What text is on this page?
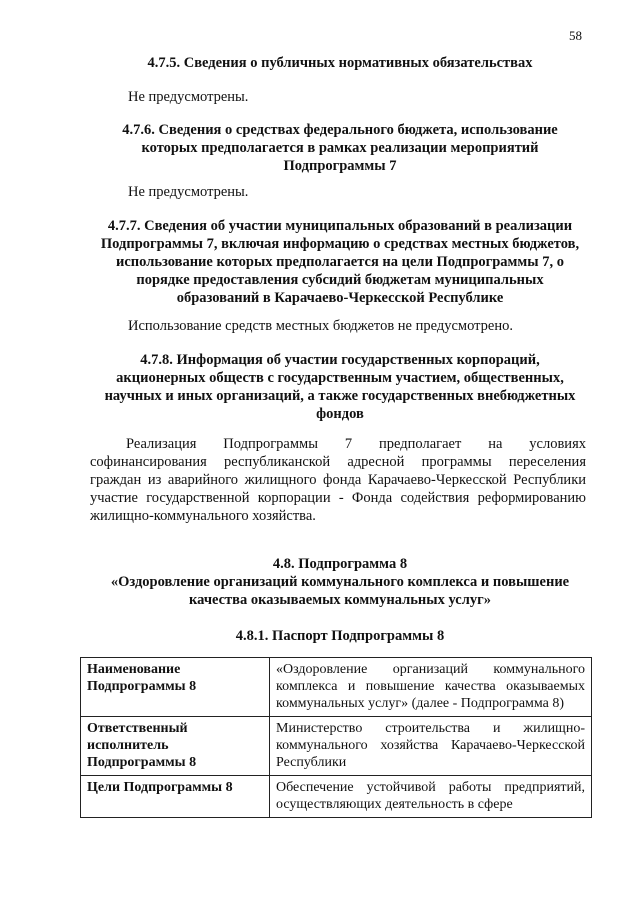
58
4.7.5. Сведения о публичных нормативных обязательствах
Не предусмотрены.
4.7.6. Сведения о средствах федерального бюджета, использование которых предполагается в рамках реализации мероприятий Подпрограммы 7
Не предусмотрены.
4.7.7. Сведения об участии муниципальных образований в реализации Подпрограммы 7, включая информацию о средствах местных бюджетов, использование которых предполагается на цели Подпрограммы 7, о порядке предоставления субсидий бюджетам муниципальных образований в Карачаево-Черкесской Республике
Использование средств местных бюджетов не предусмотрено.
4.7.8. Информация об участии государственных корпораций, акционерных обществ с государственным участием, общественных, научных и иных организаций, а также государственных внебюджетных фондов
Реализация Подпрограммы 7 предполагает на условиях софинансирования республиканской адресной программы переселения граждан из аварийного жилищного фонда Карачаево-Черкесской Республики участие государственной корпорации - Фонда содействия реформированию жилищно-коммунального хозяйства.
4.8. Подпрограмма 8
«Оздоровление организаций коммунального комплекса и повышение качества оказываемых коммунальных услуг»
4.8.1. Паспорт Подпрограммы 8
Наименование Подпрограммы 8	«Оздоровление организаций коммунального комплекса и повышение качества оказываемых коммунальных услуг» (далее - Подпрограмма 8)
Ответственный исполнитель Подпрограммы 8	Министерство строительства и жилищно-коммунального хозяйства Карачаево-Черкесской Республики
Цели Подпрограммы 8	Обеспечение устойчивой работы предприятий, осуществляющих деятельность в сфере
